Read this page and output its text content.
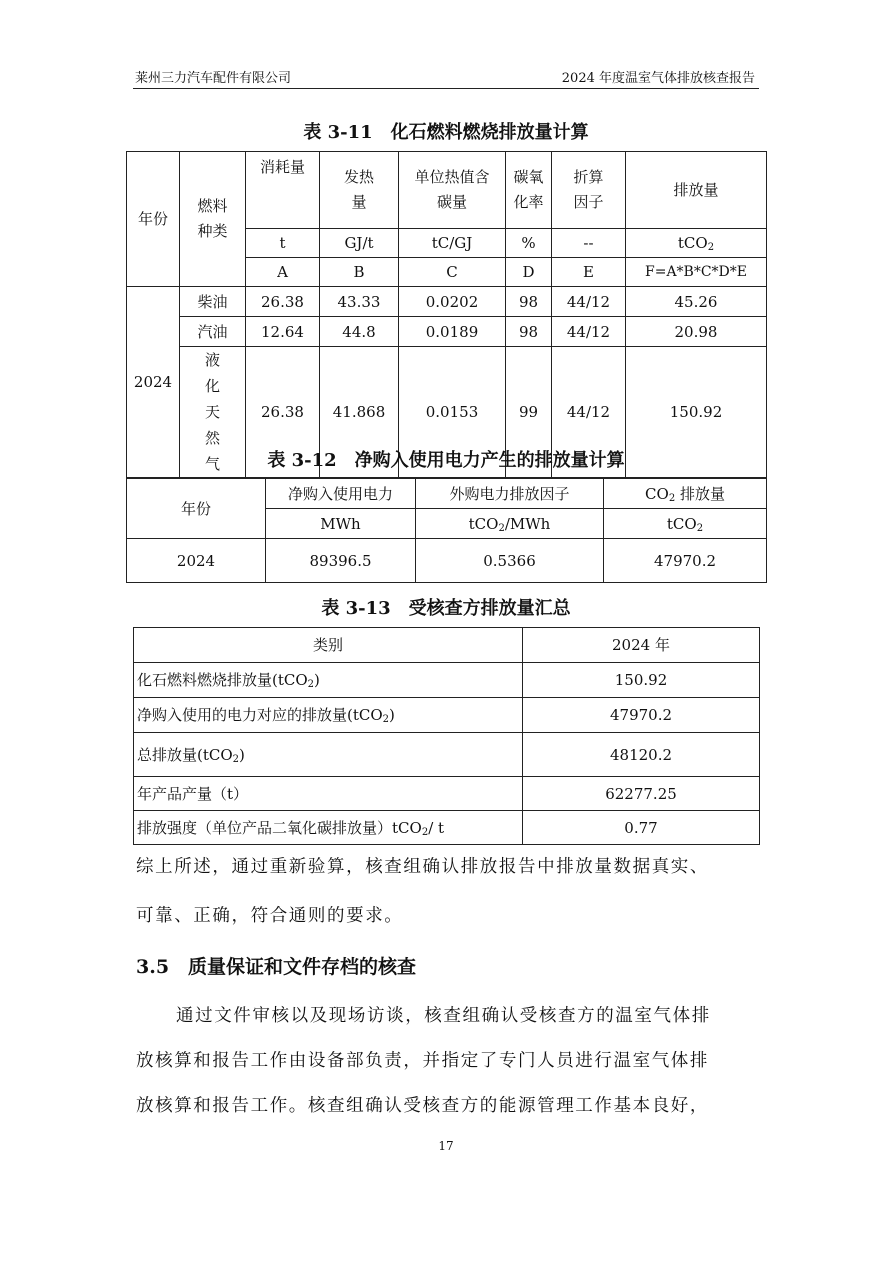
莱州三力汽车配件有限公司	2024 年度温室气体排放核查报告
表 3-11　化石燃料燃烧排放量计算
年份	燃料种类	消耗量	发热量	单位热值含碳量	碳氧化率	折算因子	排放量
		t	GJ/t	tC/GJ	%	--	tCO$_2$
		A	B	C	D	E	F=A*B*C*D*E
2024	柴油	26.38	43.33	0.0202	98	44/12	45.26
	汽油	12.64	44.8	0.0189	98	44/12	20.98
	液化天然气	26.38	41.868	0.0153	99	44/12	150.92
表 3-12　净购入使用电力产生的排放量计算
年份	净购入使用电力	外购电力排放因子	$CO_2$ 排放量
	MWh	tCO$_2$/MWh	tCO$_2$
2024	89396.5	0.5366	47970.2
表 3-13　受核查方排放量汇总
类别	2024 年
化石燃料燃烧排放量(tCO$_2$)	150.92
净购入使用的电力对应的排放量(tCO$_2$)	47970.2
总排放量(tCO$_2$)	48120.2
年产品产量（t）	62277.25
排放强度（单位产品二氧化碳排放量）tCO$_2$/ t	0.77
综上所述，通过重新验算，核查组确认排放报告中排放量数据真实、
可靠、正确，符合通则的要求。
3.5 质量保证和文件存档的核查
通过文件审核以及现场访谈，核查组确认受核查方的温室气体排
放核算和报告工作由设备部负责，并指定了专门人员进行温室气体排
放核算和报告工作。核查组确认受核查方的能源管理工作基本良好，
17
